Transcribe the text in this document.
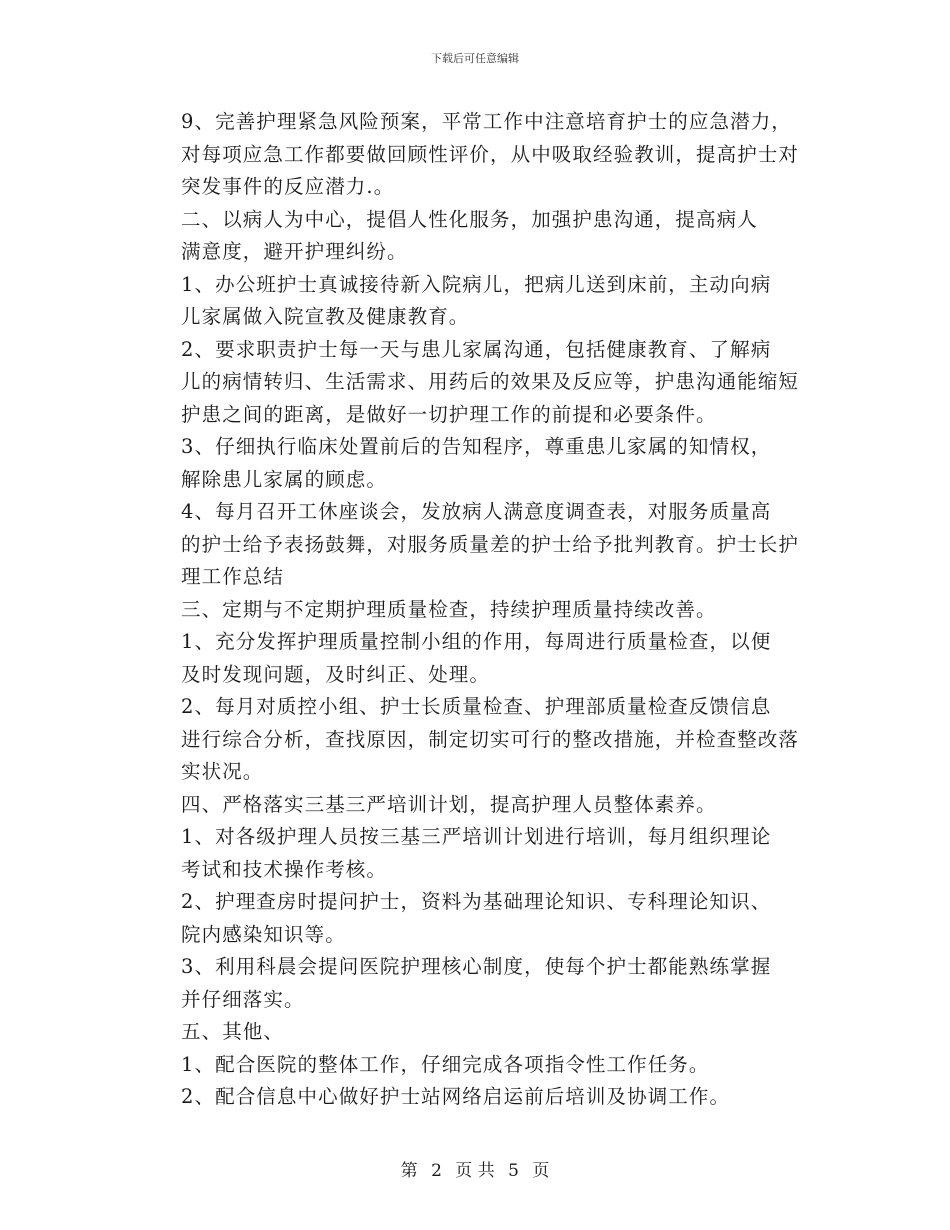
下载后可任意编辑

9、完善护理紧急风险预案，平常工作中注意培育护士的应急潜力，
对每项应急工作都要做回顾性评价，从中吸取经验教训，提高护士对
突发事件的反应潜力.。

二、以病人为中心，提倡人性化服务，加强护患沟通，提高病人
满意度，避开护理纠纷。

1、办公班护士真诚接待新入院病儿，把病儿送到床前，主动向病
儿家属做入院宣教及健康教育。

2、要求职责护士每一天与患儿家属沟通，包括健康教育、了解病
儿的病情转归、生活需求、用药后的效果及反应等，护患沟通能缩短
护患之间的距离，是做好一切护理工作的前提和必要条件。

3、仔细执行临床处置前后的告知程序，尊重患儿家属的知情权，
解除患儿家属的顾虑。

4、每月召开工休座谈会，发放病人满意度调查表，对服务质量高
的护士给予表扬鼓舞，对服务质量差的护士给予批判教育。护士长护
理工作总结

三、定期与不定期护理质量检查，持续护理质量持续改善。

1、充分发挥护理质量控制小组的作用，每周进行质量检查，以便
及时发现问题，及时纠正、处理。

2、每月对质控小组、护士长质量检查、护理部质量检查反馈信息
进行综合分析，查找原因，制定切实可行的整改措施，并检查整改落
实状况。

四、严格落实三基三严培训计划，提高护理人员整体素养。

1、对各级护理人员按三基三严培训计划进行培训，每月组织理论
考试和技术操作考核。

2、护理查房时提问护士，资料为基础理论知识、专科理论知识、
院内感染知识等。

3、利用科晨会提问医院护理核心制度，使每个护士都能熟练掌握
并仔细落实。

五、其他、

1、配合医院的整体工作，仔细完成各项指令性工作任务。

2、配合信息中心做好护士站网络启运前后培训及协调工作。

第 2 页 共 5 页
